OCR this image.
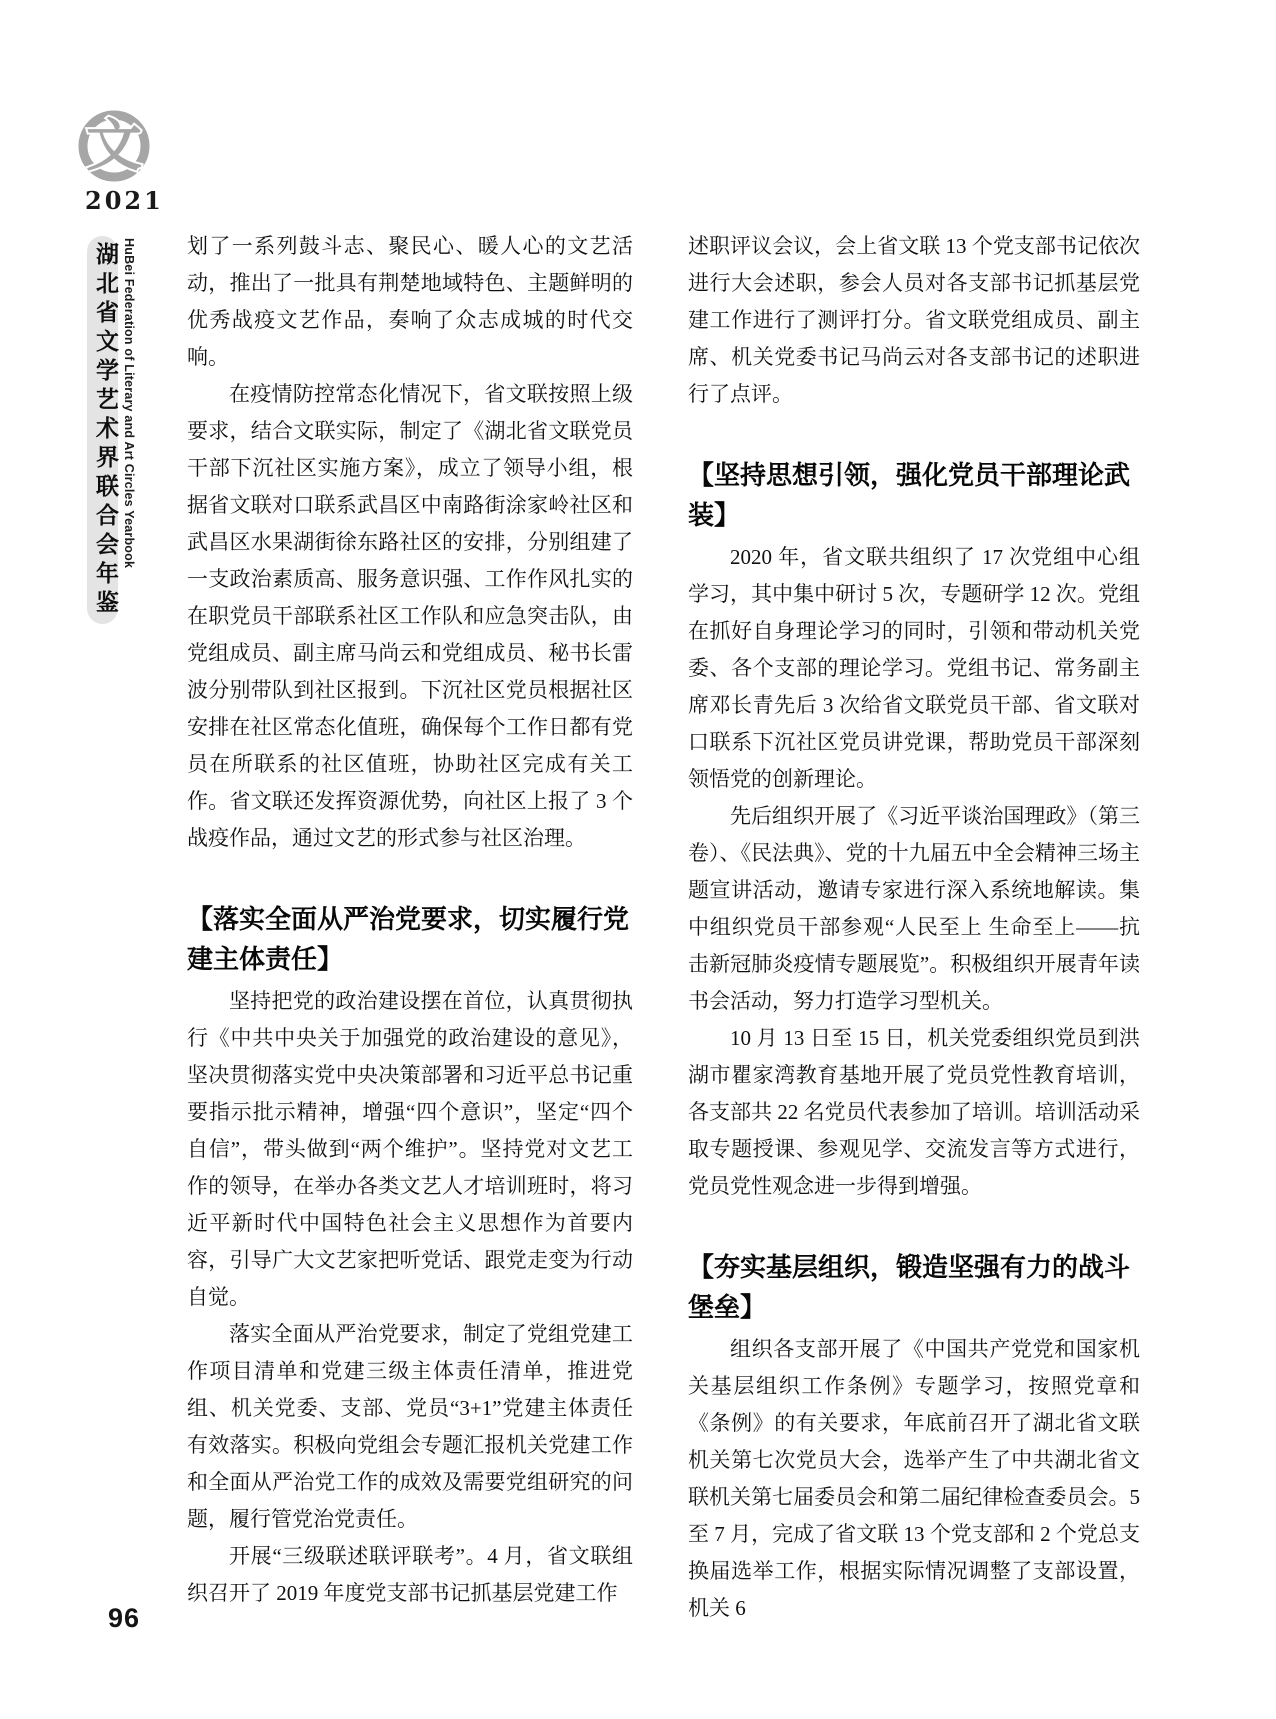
文
2021
湖北省文学艺术界联合会年鉴 HuBei Federation of Literary and Art Circles Yearbook 划了一系列鼓斗志、聚民心、暖人心的文艺活动，推出了一批具有荆楚地域特色、主题鲜明的优秀战疫文艺作品，奏响了众志成城的时代交响。

在疫情防控常态化情况下，省文联按照上级要求，结合文联实际，制定了《湖北省文联党员干部下沉社区实施方案》，成立了领导小组，根据省文联对口联系武昌区中南路街涂家岭社区和武昌区水果湖街徐东路社区的安排，分别组建了一支政治素质高、服务意识强、工作作风扎实的在职党员干部联系社区工作队和应急突击队，由党组成员、副主席马尚云和党组成员、秘书长雷波分别带队到社区报到。下沉社区党员根据社区安排在社区常态化值班，确保每个工作日都有党员在所联系的社区值班，协助社区完成有关工作。省文联还发挥资源优势，向社区上报了 3 个战疫作品，通过文艺的形式参与社区治理。

【落实全面从严治党要求，切实履行党建主体责任】

坚持把党的政治建设摆在首位，认真贯彻执行《中共中央关于加强党的政治建设的意见》，坚决贯彻落实党中央决策部署和习近平总书记重要指示批示精神，增强“四个意识”，坚定“四个自信”，带头做到“两个维护”。坚持党对文艺工作的领导，在举办各类文艺人才培训班时，将习近平新时代中国特色社会主义思想作为首要内容，引导广大文艺家把听党话、跟党走变为行动自觉。

落实全面从严治党要求，制定了党组党建工作项目清单和党建三级主体责任清单，推进党组、机关党委、支部、党员“3+1”党建主体责任有效落实。积极向党组会专题汇报机关党建工作和全面从严治党工作的成效及需要党组研究的问题，履行管党治党责任。

开展“三级联述联评联考”。4 月，省文联组织召开了 2019 年度党支部书记抓基层党建工作

述职评议会议，会上省文联 13 个党支部书记依次进行大会述职，参会人员对各支部书记抓基层党建工作进行了测评打分。省文联党组成员、副主席、机关党委书记马尚云对各支部书记的述职进行了点评。

【坚持思想引领，强化党员干部理论武装】

2020 年，省文联共组织了 17 次党组中心组学习，其中集中研讨 5 次，专题研学 12 次。党组在抓好自身理论学习的同时，引领和带动机关党委、各个支部的理论学习。党组书记、常务副主席邓长青先后 3 次给省文联党员干部、省文联对口联系下沉社区党员讲党课，帮助党员干部深刻领悟党的创新理论。

先后组织开展了《习近平谈治国理政》（第三卷）、《民法典》、党的十九届五中全会精神三场主题宣讲活动，邀请专家进行深入系统地解读。集中组织党员干部参观“人民至上 生命至上——抗击新冠肺炎疫情专题展览”。积极组织开展青年读书会活动，努力打造学习型机关。

10 月 13 日至 15 日，机关党委组织党员到洪湖市瞿家湾教育基地开展了党员党性教育培训，各支部共 22 名党员代表参加了培训。培训活动采取专题授课、参观见学、交流发言等方式进行，党员党性观念进一步得到增强。

【夯实基层组织，锻造坚强有力的战斗堡垒】

组织各支部开展了《中国共产党党和国家机关基层组织工作条例》专题学习，按照党章和《条例》的有关要求，年底前召开了湖北省文联机关第七次党员大会，选举产生了中共湖北省文联机关第七届委员会和第二届纪律检查委员会。5 至 7 月，完成了省文联 13 个党支部和 2 个党总支换届选举工作，根据实际情况调整了支部设置，机关 6

96
